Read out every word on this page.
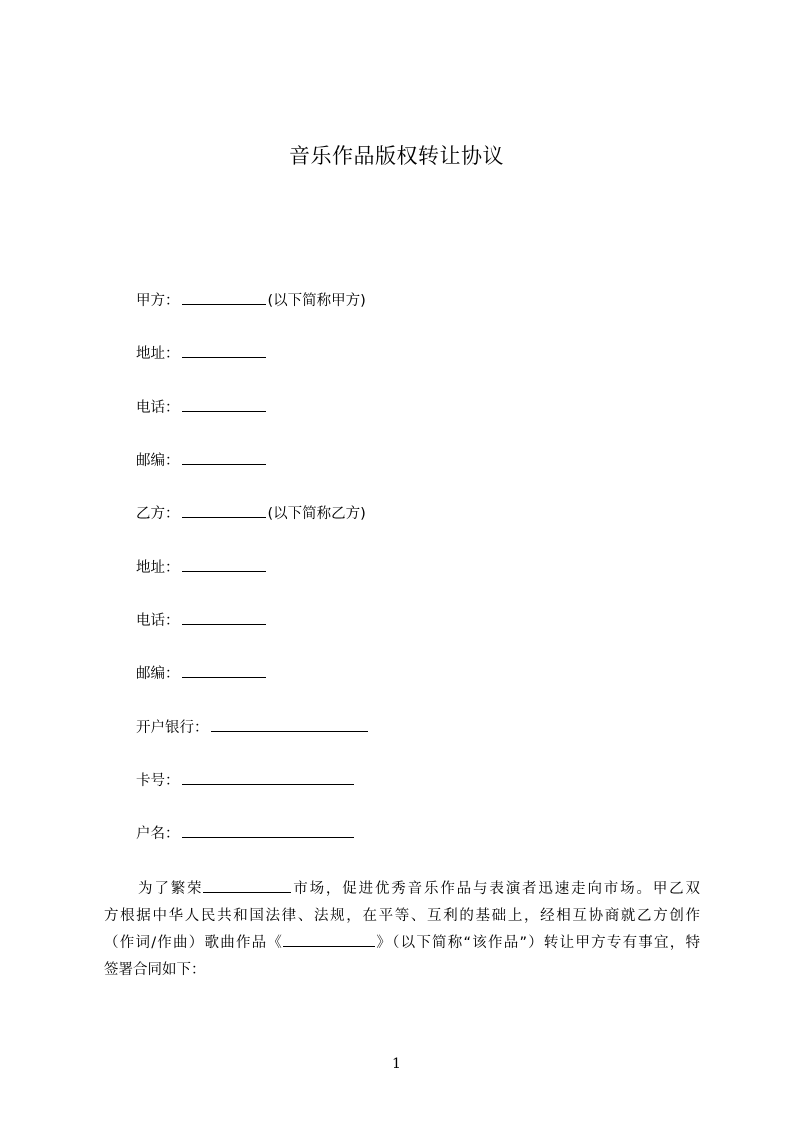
音乐作品版权转让协议

甲方：	(以下简称甲方)

地址：

电话：

邮编：

乙方：	(以下简称乙方)

地址：

电话：

邮编：

开户银行：

卡号：

户名：

为了繁荣	市场，促进优秀音乐作品与表演者迅速走向市场。甲乙双
方根据中华人民共和国法律、法规，在平等、互利的基础上，经相互协商就乙方创作
（作词/作曲）歌曲作品《	》（以下简称“该作品”）转让甲方专有事宜，特
签署合同如下：

1
